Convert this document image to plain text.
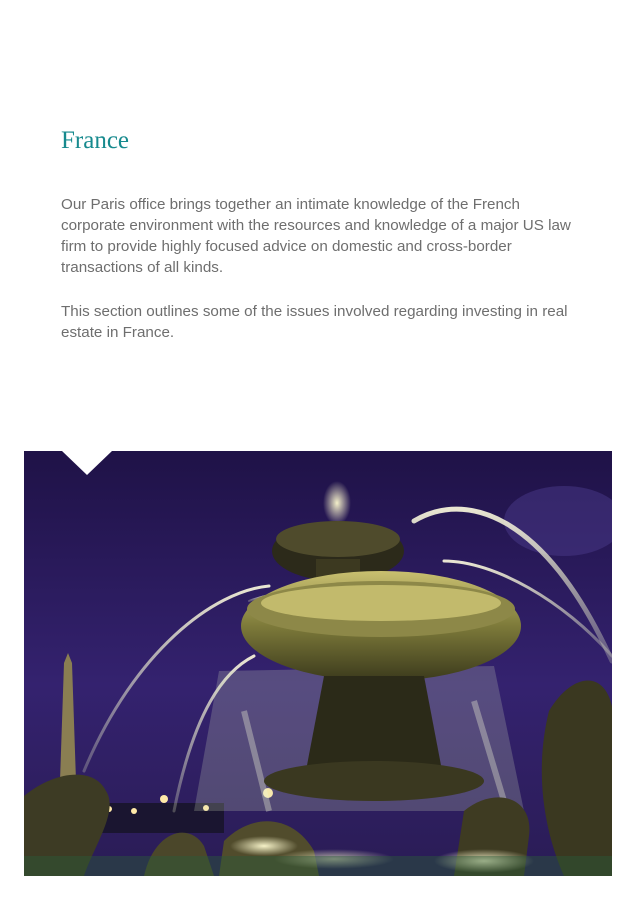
France

Our Paris office brings together an intimate knowledge of the French corporate environment with the resources and knowledge of a major US law firm to provide highly focused advice on domestic and cross-border transactions of all kinds.

This section outlines some of the issues involved regarding investing in real estate in France.
